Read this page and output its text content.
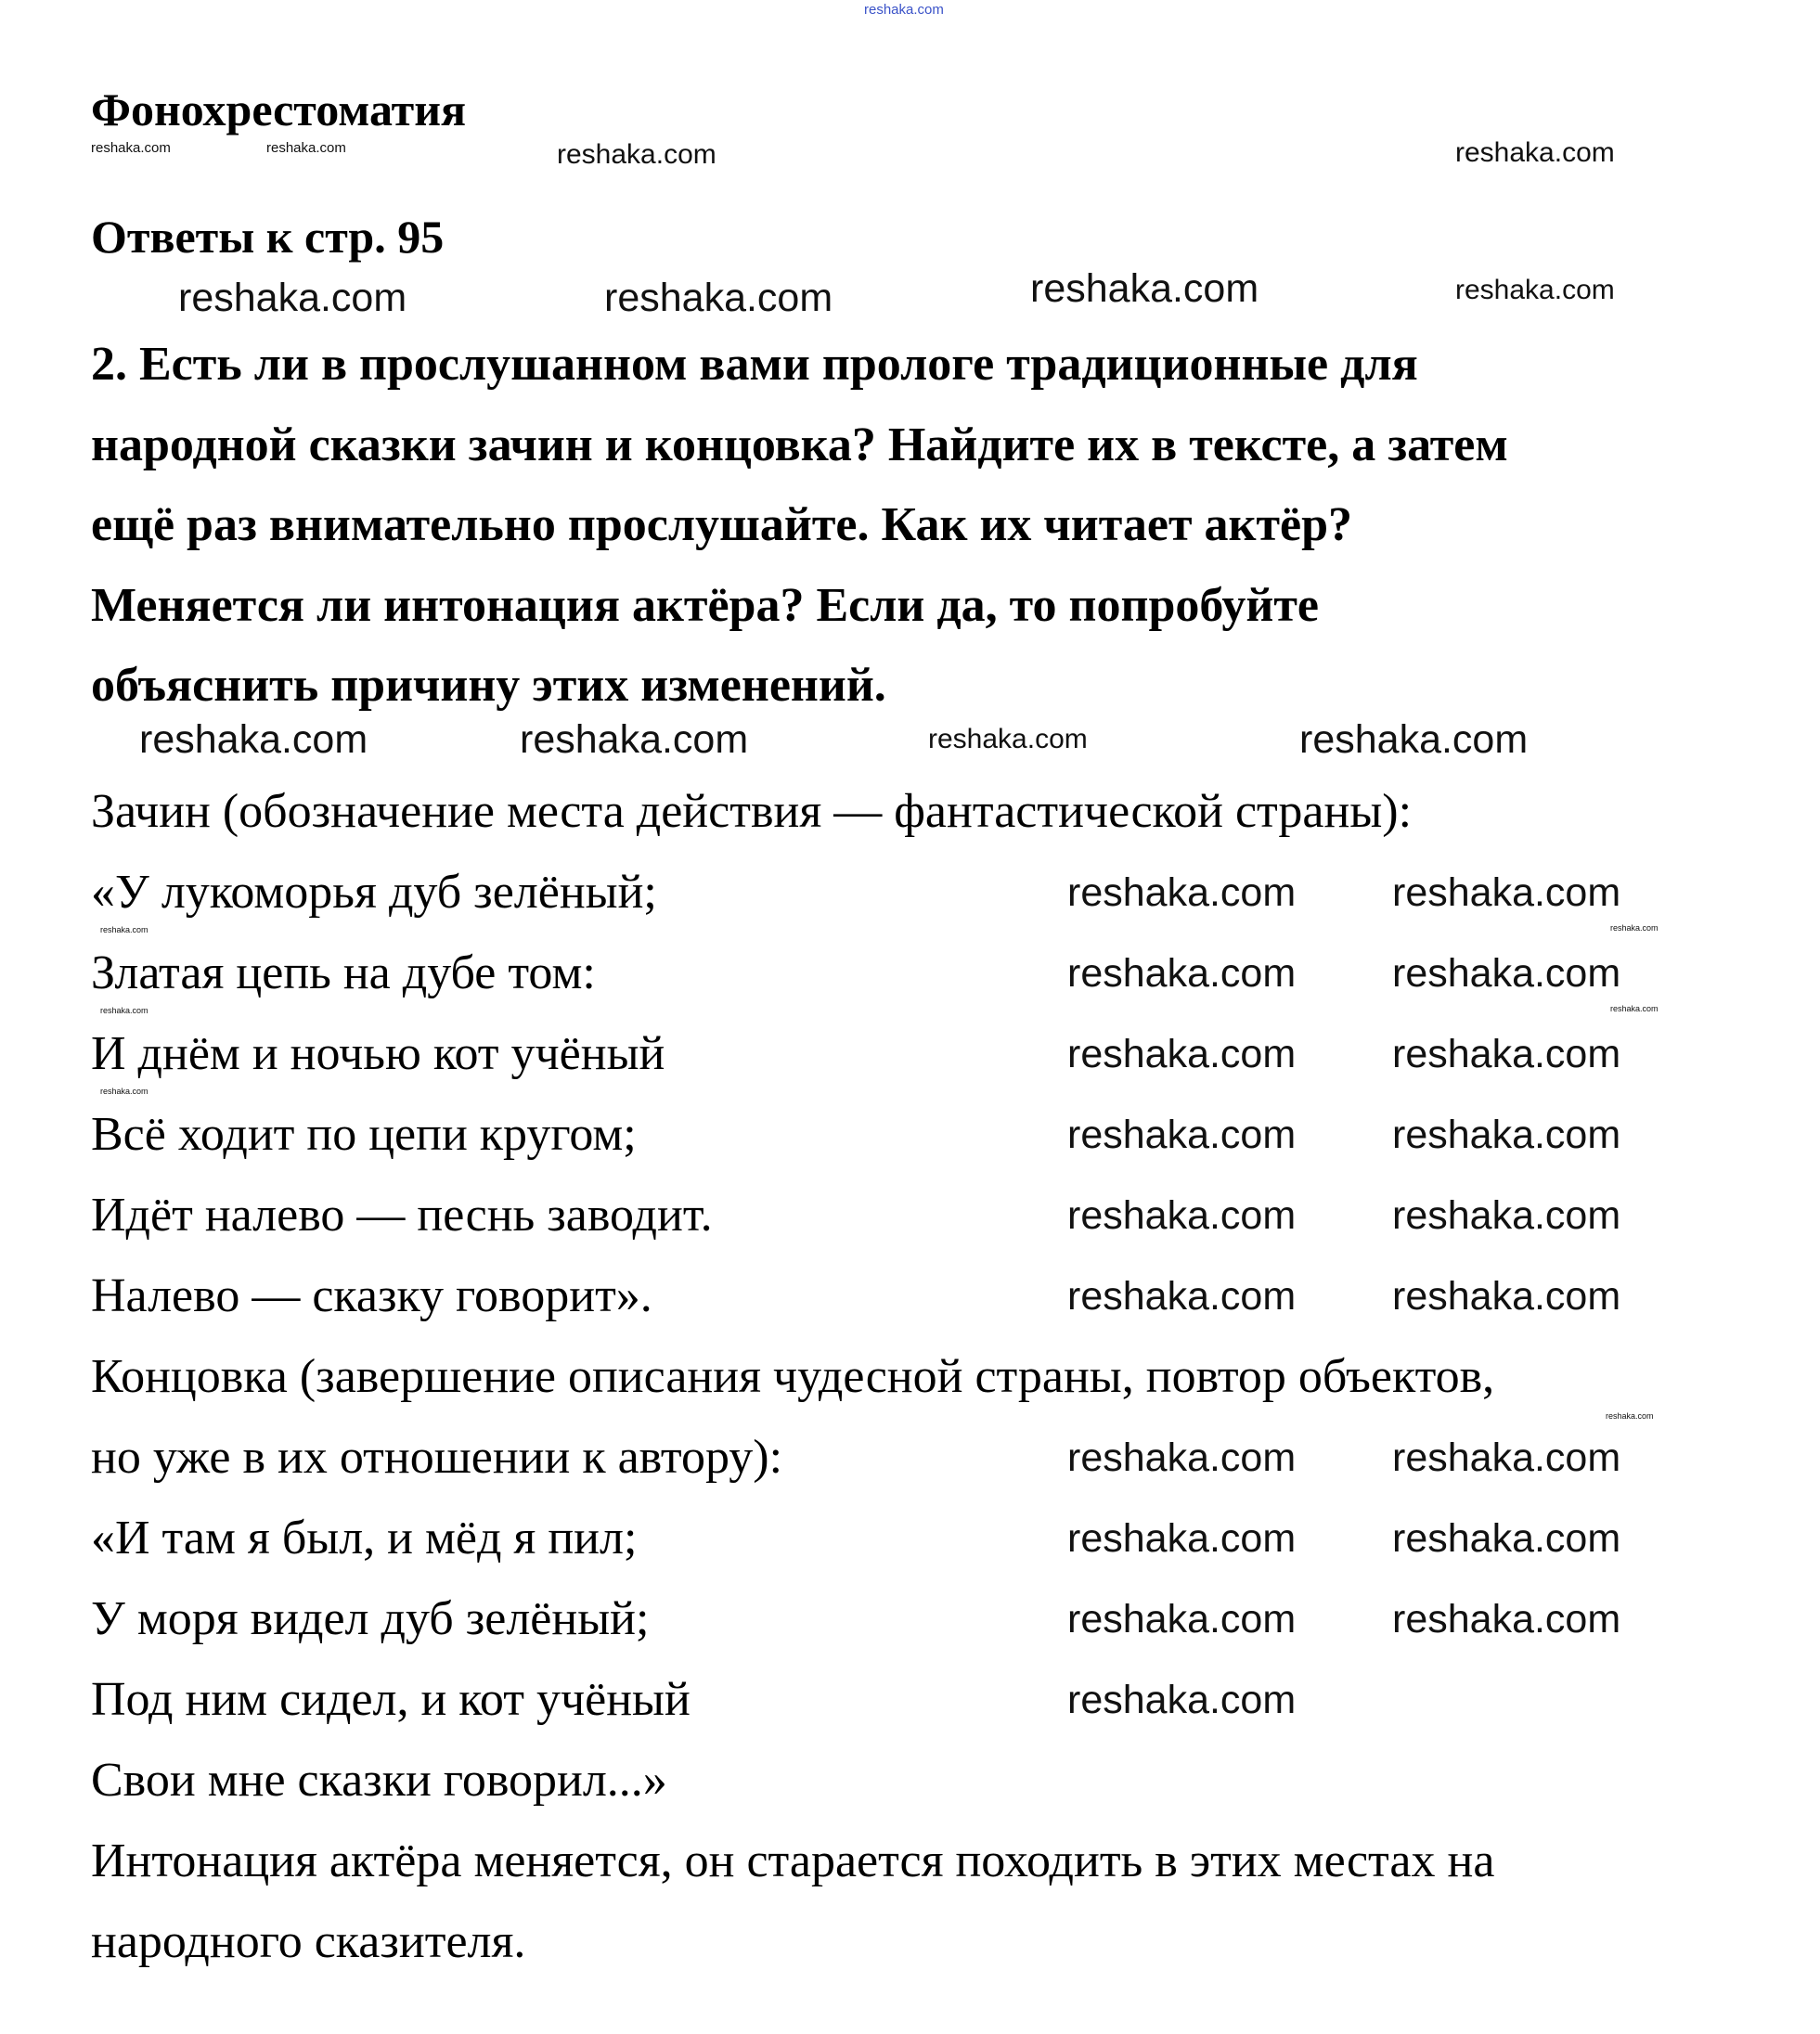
Фонохрестоматия
Ответы к стр. 95
2. Есть ли в прослушанном вами прологе традиционные для
народной сказки зачин и концовка? Найдите их в тексте, а затем
ещё раз внимательно прослушайте. Как их читает актёр?
Меняется ли интонация актёра? Если да, то попробуйте
объяснить причину этих изменений.
Зачин (обозначение места действия — фантастической страны):
«У лукоморья дуб зелёный;
Златая цепь на дубе том:
И днём и ночью кот учёный
Всё ходит по цепи кругом;
Идёт налево — песнь заводит.
Налево — сказку говорит».
Концовка (завершение описания чудесной страны, повтор объектов,
но уже в их отношении к автору):
«И там я был, и мёд я пил;
У моря видел дуб зелёный;
Под ним сидел, и кот учёный
Свои мне сказки говорил...»
Интонация актёра меняется, он старается походить в этих местах на
народного сказителя.
reshaka.com
reshaka.com	reshaka.com	reshaka.com	reshaka.com
reshaka.com	reshaka.com
reshaka.com	reshaka.com
reshaka.com	reshaka.com	reshaka.com
reshaka.com
reshaka.com reshaka.com
reshaka.com reshaka.com
reshaka.com reshaka.com
reshaka.com reshaka.com
reshaka.com reshaka.com
reshaka.com reshaka.com
reshaka.com reshaka.com
reshaka.com reshaka.com
reshaka.com reshaka.com
reshaka.com
reshaka.com
reshaka.com
reshaka.com
reshaka.com
reshaka.com
reshaka.com
